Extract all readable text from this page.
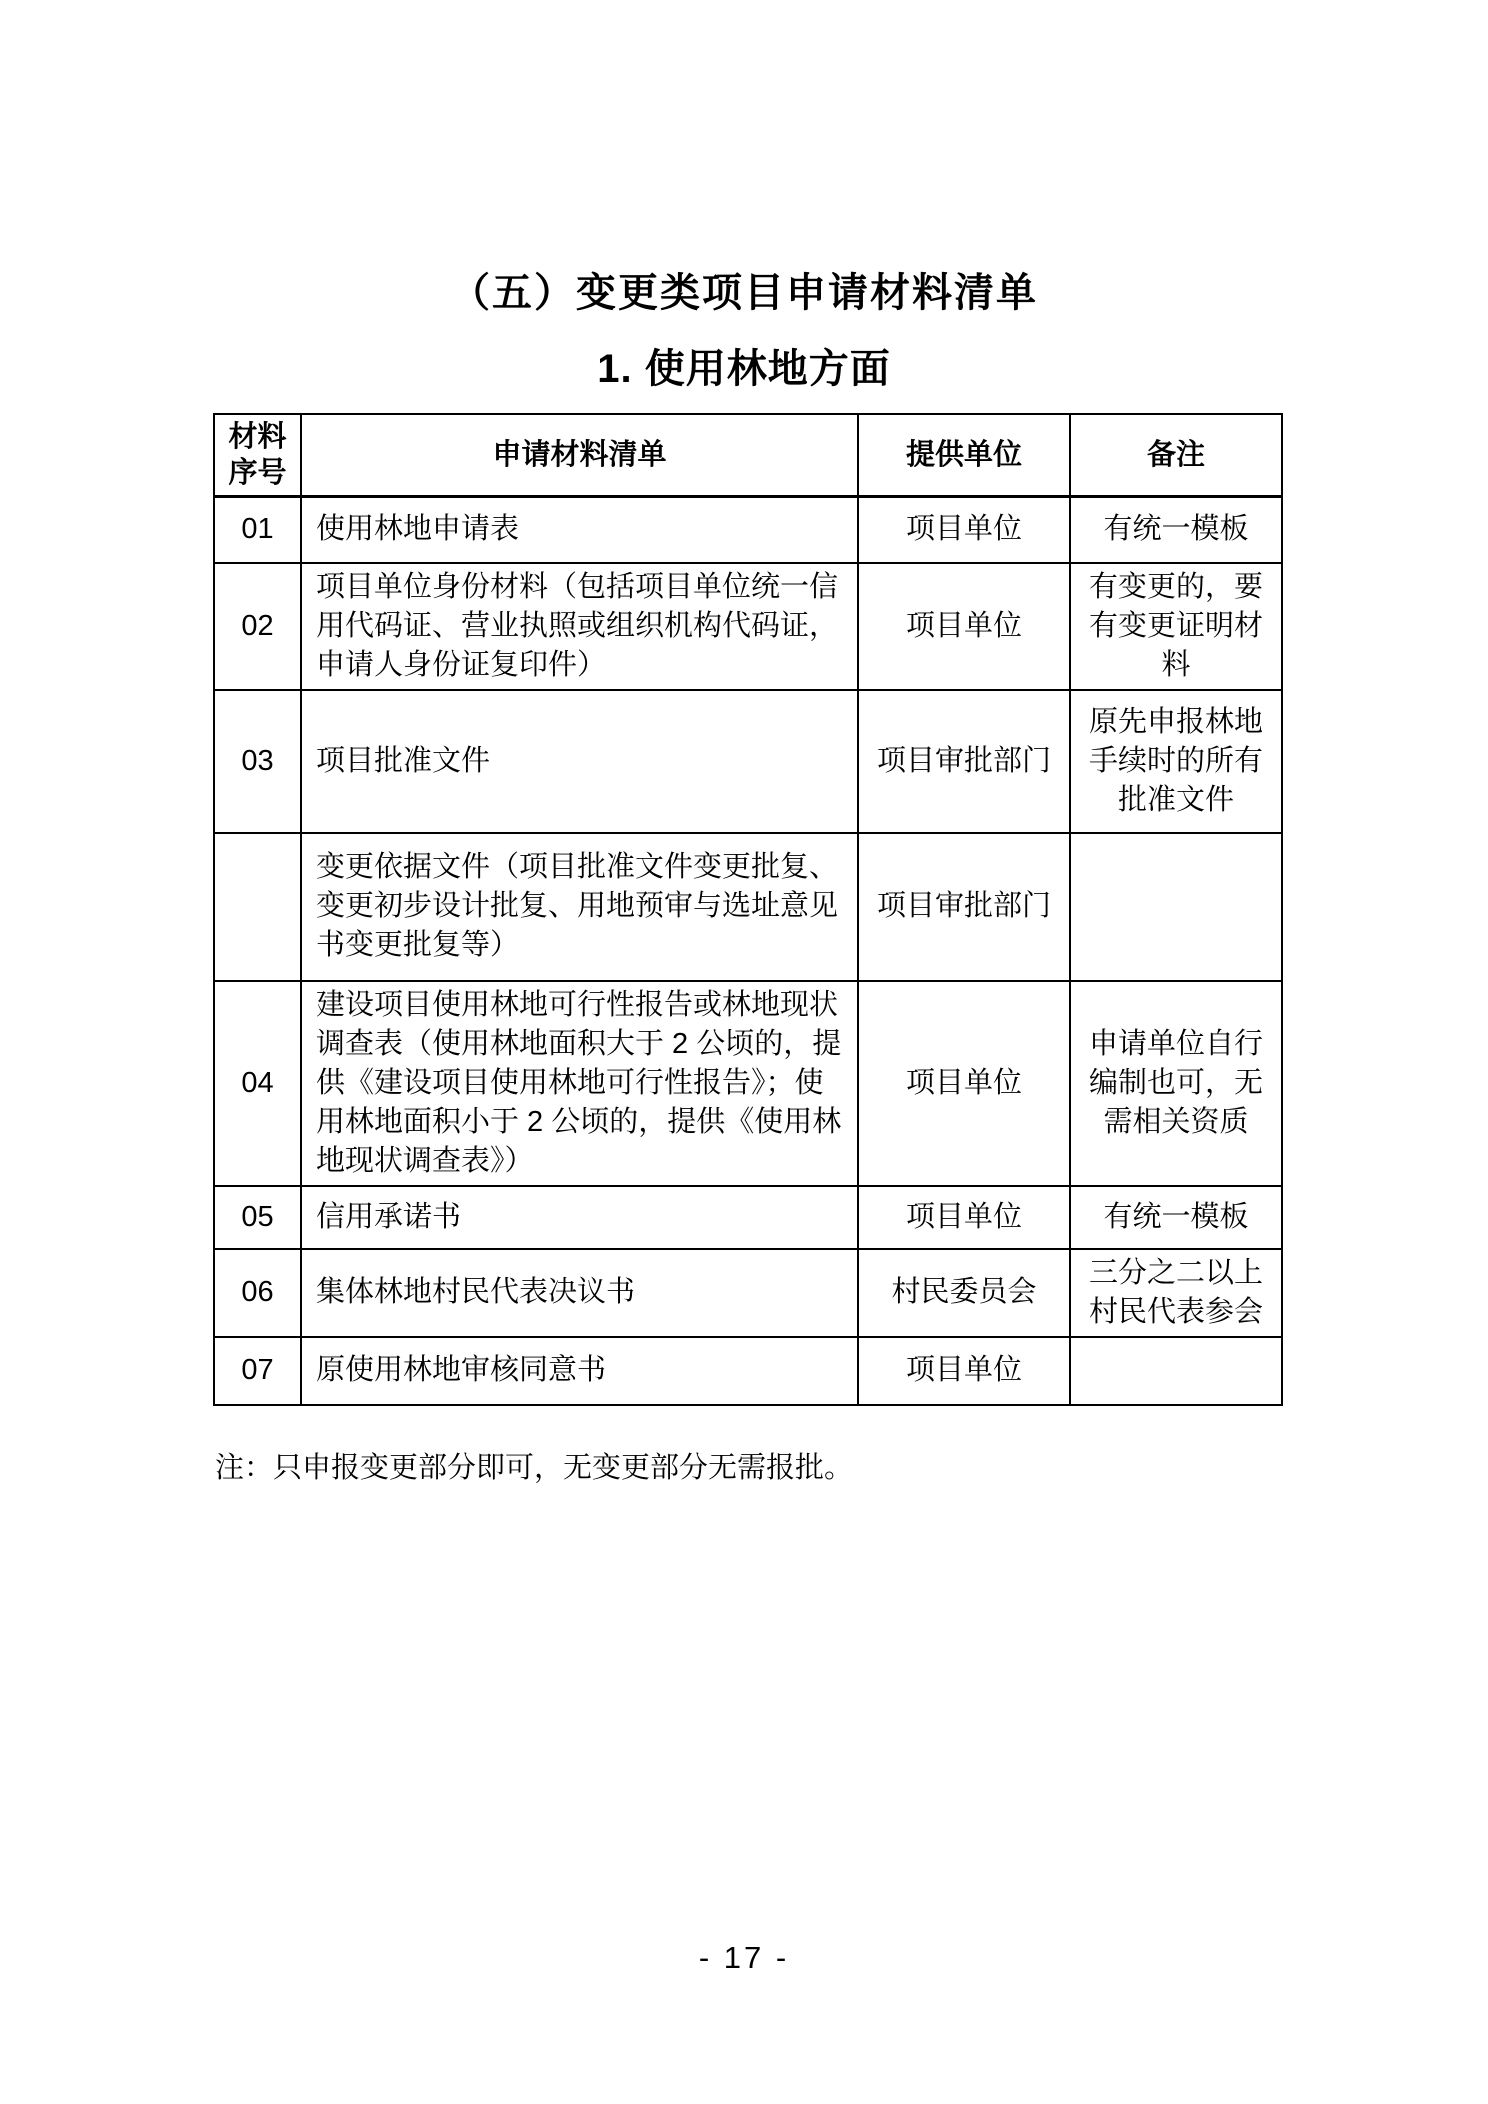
（五）变更类项目申请材料清单
1. 使用林地方面
材料序号	申请材料清单	提供单位	备注
01	使用林地申请表	项目单位	有统一模板
02	项目单位身份材料（包括项目单位统一信用代码证、营业执照或组织机构代码证，申请人身份证复印件）	项目单位	有变更的，要有变更证明材料
03	项目批准文件	项目审批部门	原先申报林地手续时的所有批准文件
	变更依据文件（项目批准文件变更批复、变更初步设计批复、用地预审与选址意见书变更批复等）	项目审批部门	
04	建设项目使用林地可行性报告或林地现状调查表（使用林地面积大于 2 公顷的，提供《建设项目使用林地可行性报告》；使用林地面积小于 2 公顷的，提供《使用林地现状调查表》）	项目单位	申请单位自行编制也可，无需相关资质
05	信用承诺书	项目单位	有统一模板
06	集体林地村民代表决议书	村民委员会	三分之二以上村民代表参会
07	原使用林地审核同意书	项目单位	

注：只申报变更部分即可，无变更部分无需报批。

- 17 -
